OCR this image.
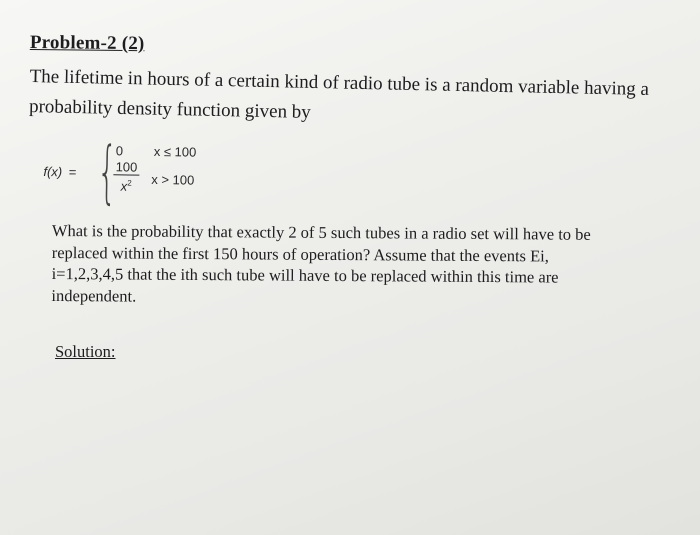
Problem-2 (2)
The lifetime in hours of a certain kind of radio tube is a random variable having a
probability density function given by
f(x) = {
0
$\frac{100}{x^2}$
x ≤ 100
x > 100
What is the probability that exactly 2 of 5 such tubes in a radio set will have to be
replaced within the first 150 hours of operation? Assume that the events Ei,
i=1,2,3,4,5 that the ith such tube will have to be replaced within this time are
independent.
Solution:
